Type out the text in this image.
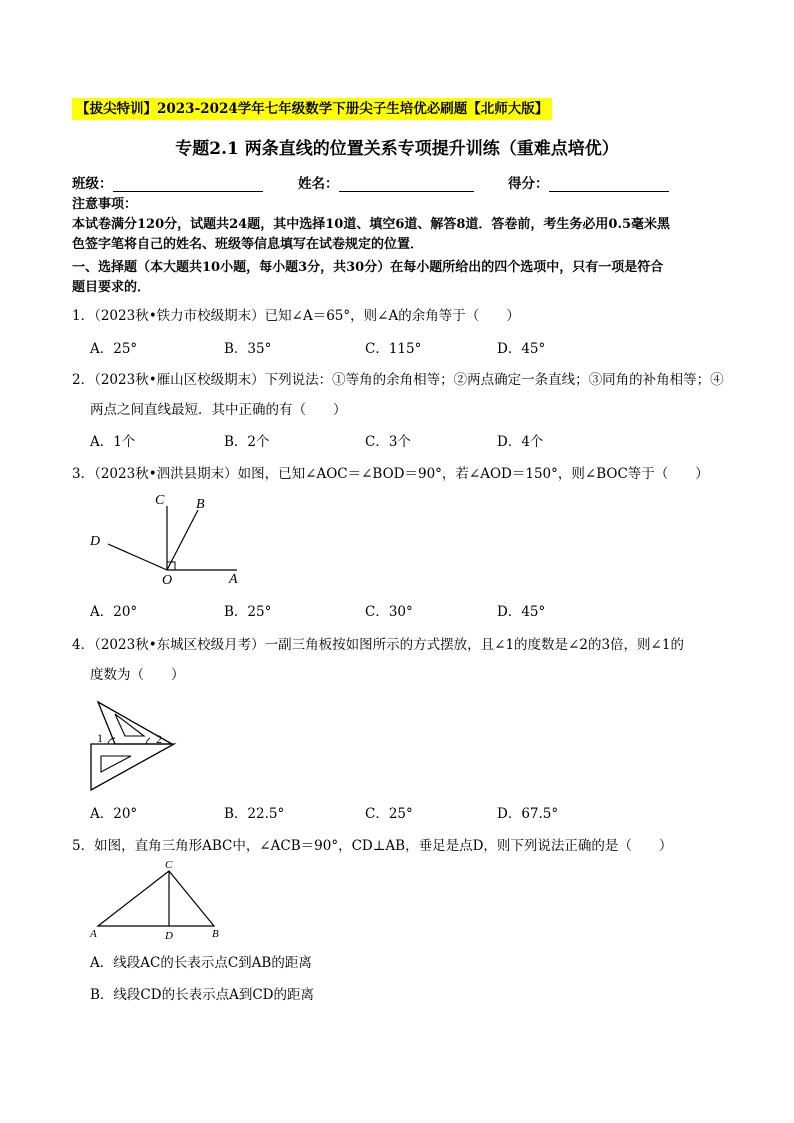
【拔尖特训】2023-2024学年七年级数学下册尖子生培优必刷题【北师大版】
专题2.1 两条直线的位置关系专项提升训练（重难点培优）
班级：	姓名：	得分：
注意事项：
本试卷满分120分，试题共24题，其中选择10道、填空6道、解答8道．答卷前，考生务必用0.5毫米黑
色签字笔将自己的姓名、班级等信息填写在试卷规定的位置．
一、选择题（本大题共10小题，每小题3分，共30分）在每小题所给出的四个选项中，只有一项是符合
题目要求的．
1．（2023秋•铁力市校级期末）已知∠A＝65°，则∠A的余角等于（　　）
A．25°	B．35°	C．115°	D．45°
2．（2023秋•雁山区校级期末）下列说法：①等角的余角相等；②两点确定一条直线；③同角的补角相等；④
两点之间直线最短．其中正确的有（　　）
A．1个	B．2个	C．3个	D．4个
3．（2023秋•泗洪县期末）如图，已知∠AOC＝∠BOD＝90°，若∠AOD＝150°，则∠BOC等于（　　）
C B
D
O	A
A．20°	B．25°	C．30°	D．45°
4．（2023秋•东城区校级月考）一副三角板按如图所示的方式摆放，且∠1的度数是∠2的3倍，则∠1的
度数为（　　）
1	2
A．20°	B．22.5°	C．25°	D．67.5°
5．如图，直角三角形ABC中，∠ACB＝90°，CD⊥AB，垂足是点D，则下列说法正确的是（　　）
C
A	D	B
A．线段AC的长表示点C到AB的距离
B．线段CD的长表示点A到CD的距离
